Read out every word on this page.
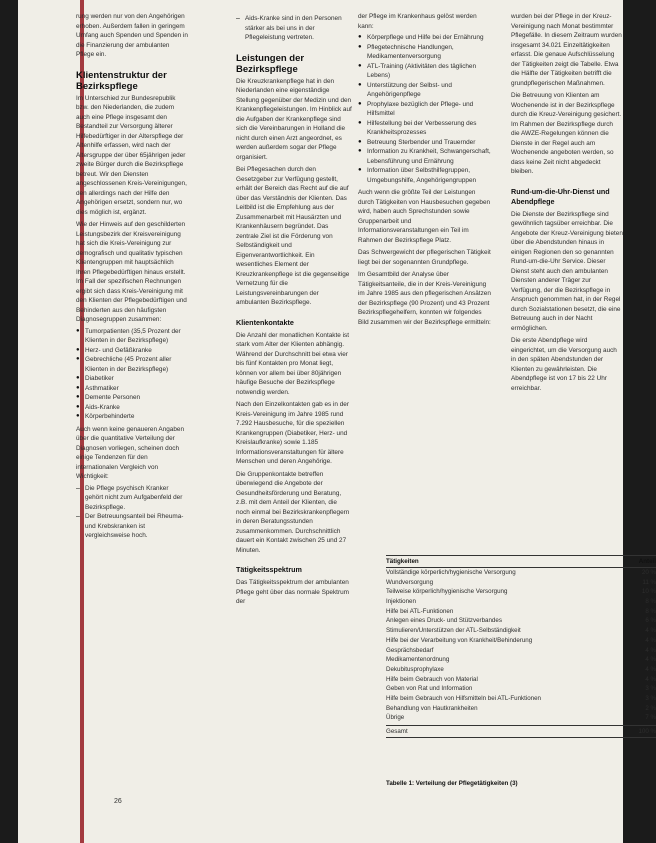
rung werden nur von den Angehörigen erhoben. Außerdem fallen in geringem Umfang auch Spenden und Spenden in die Finanzierung der ambulanten Pflege ein.

Klientenstruktur der Bezirkspflege

Im Unterschied zur Bundesrepublik bzw. den Niederlanden, die zudem auch eine Pflege insgesamt den Bestandteil zur Versorgung älterer Hilfebedürftiger in der Alterspflege der Altenhilfe erfassen, wird nach der Altersgruppe der über 65jährigen jeder zweite Bürger durch die Bezirkspflege betreut. Wir den Diensten angeschlossenen Kreis-Vereinigungen, den allerdings nach der Hilfe den Angehörigen ersetzt, sondern nur, wo dies möglich ist, ergänzt.

Wie der Hinweis auf den geschilderten Leistungsbezirk der Kreisvereinigung hat sich die Kreis-Vereinigung zur demografisch und qualitativ typischen Klientengruppen mit hauptsächlich Ihren Pflegebedürftigen hinaus erstellt. Im Fall der spezifischen Rechnungen ergibt sich dass Kreis-Vereinigung mit den Klienten der Pflegebedürftigen und Behinderten aus den häufigsten Diagnosegruppen zusammen:

● Tumorpatienten (35,5 Prozent der Klienten in der Bezirkspflege)
● Herz- und Gefäßkranke
● Gebrechliche (45 Prozent aller Klienten in der Bezirkspflege)
● Diabetiker
● Asthmatiker
● Demente Personen
● Aids-Kranke
● Körperbehinderte

Auch wenn keine genaueren Angaben über die quantitative Verteilung der Diagnosen vorliegen, scheinen doch einige Tendenzen für den internationalen Vergleich von Wichtigkeit:

– Die Pflege psychisch Kranker gehört nicht zum Aufgabenfeld der Bezirkspflege.
– Der Betreuungsanteil bei Rheuma- und Krebskranken ist vergleichsweise hoch.
– Aids-Kranke sind in den Personen stärker als bei uns in der Pflegeleistung vertreten.
Leistungen der Bezirkspflege

Die Kreuzkrankenpflege hat in den Niederlanden eine eigenständige Stellung gegenüber der Medizin und den Krankenpflegeleistungen. Im Hinblick auf die Aufgaben der Krankenpflege sind sich die Vereinbarungen in Holland die nicht durch einen Arzt angeordnet, es werden außerdem sogar der Pflege organisiert.

Bei Pflegesachen durch den Gesetzgeber zur Verfügung gestellt, erhält der Bereich das Recht auf die auf über das Verständnis der Klienten. Das Leitbild ist die Empfehlung aus der Zusammenarbeit mit Hausärzten und Krankenhäusern begründet. Das zentrale Ziel ist die Förderung von Selbständigkeit und Eigenverantwortlichkeit. Ein wesentliches Element der Kreuzkrankenpflege ist die gegenseitige Vernetzung für die Leistungsvereinbarungen der ambulanten Bezirkspflege.

Klientenkontakte

Die Anzahl der monatlichen Kontakte ist stark vom Alter der Klienten abhängig. Während der Durchschnitt bei etwa vier bis fünf Kontakten pro Monat liegt, können vor allem bei über 80jährigen häufige Besuche der Bezirkspflege notwendig werden.

Nach den Einzelkontakten gab es in der Kreis-Vereinigung im Jahre 1985 rund 7.292 Hausbesuche, für die speziellen Krankengruppen (Diabetiker, Herz- und Kreislaufkranke) sowie 1.185 Informationsveranstaltungen für ältere Menschen und deren Angehörige.

Die Gruppenkontakte betreffen überwiegend die Angebote der Gesundheitsförderung und Beratung, z.B. mit dem Anteil der Klienten, die noch einmal bei Bezirkskrankenpflegern in deren Beratungsstunden zusammenkommen. Durchschnittlich dauert ein Kontakt zwischen 25 und 27 Minuten.

Tätigkeitsspektrum

Das Tätigkeitsspektrum der ambulanten Pflege geht über das normale Spektrum der

der Pflege im Krankenhaus gelöst werden kann:

● Körperpflege und Hilfe bei der Ernährung
● Pflegetechnische Handlungen, Medikamentenversorgung
● ATL-Training (Aktivitäten des täglichen Lebens)
● Unterstützung der Selbst- und Angehörigenpflege
● Prophylaxe bezüglich der Pflege- und Hilfsmittel
● Hilfestellung bei der Verbesserung des Krankheitsprozesses
● Betreuung Sterbender und Trauernder
● Information zu Krankheit, Schwangerschaft, Lebensführung und Ernährung
● Information über Selbsthilfegruppen, Umgebungshilfe, Angehörigengruppen

Auch wenn die größte Teil der Leistungen durch Tätigkeiten von Hausbesuchen gegeben wird, haben auch Sprechstunden sowie Gruppenarbeit und Informationsveranstaltungen ein Teil im Rahmen der Bezirkspflege Platz.

Das Schwergewicht der pflegerischen Tätigkeit liegt bei der sogenannten Grundpflege.

Im Gesamtbild der Analyse über Tätigkeitsanteile, die in der Kreis-Vereinigung im Jahre 1985 aus den pflegerischen Ansätzen der Bezirkspflege (90 Prozent) und 43 Prozent Bezirkspflegehelfern, konnten wir folgendes Bild zusammen wir der Bezirkspflege ermitteln:

wurden bei der Pflege in der Kreuz-Vereinigung nach Monat bestimmter Pflegefälle. In diesem Zeitraum wurden insgesamt 34.021 Einzeltätigkeiten erfasst. Die genaue Aufschlüsselung der Tätigkeiten zeigt die Tabelle. Etwa die Hälfte der Tätigkeiten betrifft die grundpflegerischen Maßnahmen.

Die Betreuung von Klienten am Wochenende ist in der Bezirkspflege durch die Kreuz-Vereinigung gesichert. Im Rahmen der Bezirkspflege durch die AWZE-Regelungen können die Dienste in der Regel auch am Wochenende angeboten werden, so dass keine Zeit nicht abgedeckt bleiben.

Rund-um-die-Uhr-Dienst und Abendpflege

Die Dienste der Bezirkspflege sind gewöhnlich tagsüber erreichbar. Die Angebote der Kreuz-Vereinigung bieten über die Abendstunden hinaus in einigen Regionen den so genannten Rund-um-die-Uhr Service. Dieser Dienst steht auch den ambulanten Diensten anderer Träger zur Verfügung, der die Bezirkspflege in Anspruch genommen hat, in der Regel durch Sozialstationen besetzt, die eine Betreuung auch in der Nacht ermöglichen.

Die erste Abendpflege wird eingerichtet, um die Versorgung auch in den späten Abendstunden der Klienten zu gewährleisten. Die Abendpflege ist von 17 bis 22 Uhr erreichbar.

Tätigkeiten	Anteil
Vollständige körperlich/hygienische Versorgung	20 %
Wundversorgung	11 %
Teilweise körperlich/hygienische Versorgung	10 %
Injektionen	8 %
Hilfe bei ATL-Funktionen	8 %
Anlegen eines Druck- und Stützverbandes	6 %
Stimulieren/Unterstützen der ATL-Selbständigkeit	4 %
Hilfe bei der Verarbeitung von Krankheit/Behinderung	4 %
Gesprächsbedarf	4 %
Medikamentenordnung	4 %
Dekubitusprophylaxe	4 %
Hilfe beim Gebrauch von Material	4 %
Geben von Rat und Information	3 %
Hilfe beim Gebrauch von Hilfsmitteln bei ATL-Funktionen	3 %
Behandlung von Hautkrankheiten	2 %
Übrige	7 %
Gesamt	100 %
Tabelle 1: Verteilung der Pflegetätigkeiten (3)
26
